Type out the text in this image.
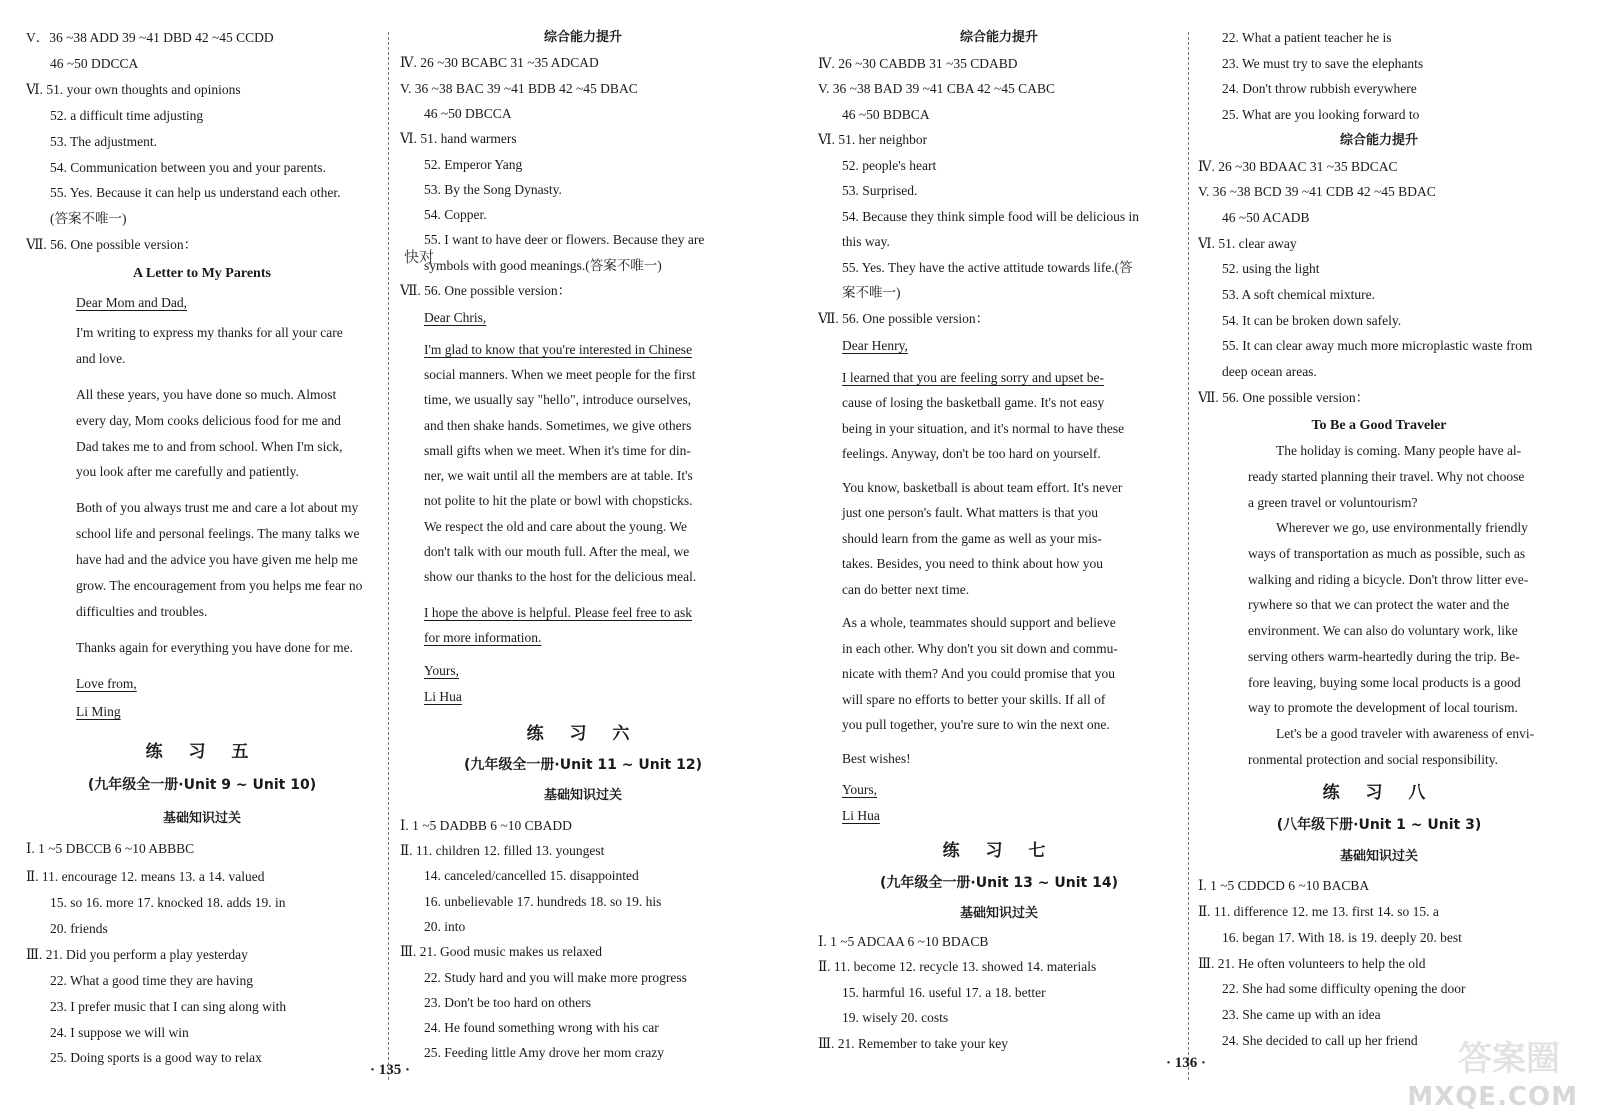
V．36 ~38 ADD 39 ~41 DBD 42 ~45 CCDD
46 ~50 DDCCA
Ⅵ. 51. your own thoughts and opinions
52. a difficult time adjusting
53. The adjustment.
54. Communication between you and your parents.
55. Yes. Because it can help us understand each other.
(答案不唯一)
Ⅶ. 56. One possible version：
A Letter to My Parents
Dear Mom and Dad,
I'm writing to express my thanks for all your care
and love.
All these years, you have done so much. Almost
every day, Mom cooks delicious food for me and
Dad takes me to and from school. When I'm sick,
you look after me carefully and patiently.
Both of you always trust me and care a lot about my
school life and personal feelings. The many talks we
have had and the advice you have given me help me
grow. The encouragement from you helps me fear no
difficulties and troubles.
Thanks again for everything you have done for me.
Love from,
Li Ming
练 习 五
(九年级全一册·Unit 9 ~ Unit 10)
基础知识过关
Ⅰ. 1 ~5 DBCCB 6 ~10 ABBBC
Ⅱ. 11. encourage 12. means 13. a 14. valued
15. so 16. more 17. knocked 18. adds 19. in
20. friends
Ⅲ. 21. Did you perform a play yesterday
22. What a good time they are having
23. I prefer music that I can sing along with
24. I suppose we will win
25. Doing sports is a good way to relax
综合能力提升
Ⅳ. 26 ~30 BCABC 31 ~35 ADCAD
V. 36 ~38 BAC 39 ~41 BDB 42 ~45 DBAC
46 ~50 DBCCA
Ⅵ. 51. hand warmers
52. Emperor Yang
53. By the Song Dynasty.
54. Copper.
55. I want to have deer or flowers. Because they are
symbols with good meanings.(答案不唯一)
Ⅶ. 56. One possible version：
Dear Chris,
I'm glad to know that you're interested in Chinese
social manners. When we meet people for the first
time, we usually say "hello", introduce ourselves,
and then shake hands. Sometimes, we give others
small gifts when we meet. When it's time for din-
ner, we wait until all the members are at table. It's
not polite to hit the plate or bowl with chopsticks.
We respect the old and care about the young. We
don't talk with our mouth full. After the meal, we
show our thanks to the host for the delicious meal.
I hope the above is helpful. Please feel free to ask
for more information.
Yours,
Li Hua
练 习 六
(九年级全一册·Unit 11 ~ Unit 12)
基础知识过关
Ⅰ. 1 ~5 DADBB 6 ~10 CBADD
Ⅱ. 11. children 12. filled 13. youngest
14. canceled/cancelled 15. disappointed
16. unbelievable 17. hundreds 18. so 19. his
20. into
Ⅲ. 21. Good music makes us relaxed
22. Study hard and you will make more progress
23. Don't be too hard on others
24. He found something wrong with his car
25. Feeding little Amy drove her mom crazy
综合能力提升
Ⅳ. 26 ~30 CABDB 31 ~35 CDABD
V. 36 ~38 BAD 39 ~41 CBA 42 ~45 CABC
46 ~50 BDBCA
Ⅵ. 51. her neighbor
52. people's heart
53. Surprised.
54. Because they think simple food will be delicious in
this way.
55. Yes. They have the active attitude towards life.(答
案不唯一)
Ⅶ. 56. One possible version：
Dear Henry,
I learned that you are feeling sorry and upset be-
cause of losing the basketball game. It's not easy
being in your situation, and it's normal to have these
feelings. Anyway, don't be too hard on yourself.
You know, basketball is about team effort. It's never
just one person's fault. What matters is that you
should learn from the game as well as your mis-
takes. Besides, you need to think about how you
can do better next time.
As a whole, teammates should support and believe
in each other. Why don't you sit down and commu-
nicate with them? And you could promise that you
will spare no efforts to better your skills. If all of
you pull together, you're sure to win the next one.
Best wishes!
Yours,
Li Hua
练 习 七
(九年级全一册·Unit 13 ~ Unit 14)
基础知识过关
Ⅰ. 1 ~5 ADCAA 6 ~10 BDACB
Ⅱ. 11. become 12. recycle 13. showed 14. materials
15. harmful 16. useful 17. a 18. better
19. wisely 20. costs
Ⅲ. 21. Remember to take your key
22. What a patient teacher he is
23. We must try to save the elephants
24. Don't throw rubbish everywhere
25. What are you looking forward to
综合能力提升
Ⅳ. 26 ~30 BDAAC 31 ~35 BDCAC
V. 36 ~38 BCD 39 ~41 CDB 42 ~45 BDAC
46 ~50 ACADB
Ⅵ. 51. clear away
52. using the light
53. A soft chemical mixture.
54. It can be broken down safely.
55. It can clear away much more microplastic waste from
deep ocean areas.
Ⅶ. 56. One possible version：
To Be a Good Traveler
The holiday is coming. Many people have al-
ready started planning their travel. Why not choose
a green travel or voluntourism?
Wherever we go, use environmentally friendly
ways of transportation as much as possible, such as
walking and riding a bicycle. Don't throw litter eve-
rywhere so that we can protect the water and the
environment. We can also do voluntary work, like
serving others warm-heartedly during the trip. Be-
fore leaving, buying some local products is a good
way to promote the development of local tourism.
Let's be a good traveler with awareness of envi-
ronmental protection and social responsibility.
练 习 八
(八年级下册·Unit 1 ~ Unit 3)
基础知识过关
Ⅰ. 1 ~5 CDDCD 6 ~10 BACBA
Ⅱ. 11. difference 12. me 13. first 14. so 15. a
16. began 17. With 18. is 19. deeply 20. best
Ⅲ. 21. He often volunteers to help the old
22. She had some difficulty opening the door
23. She came up with an idea
24. She decided to call up her friend
快对
· 135 ·	· 136 ·	答案圈
MXQE.COM
